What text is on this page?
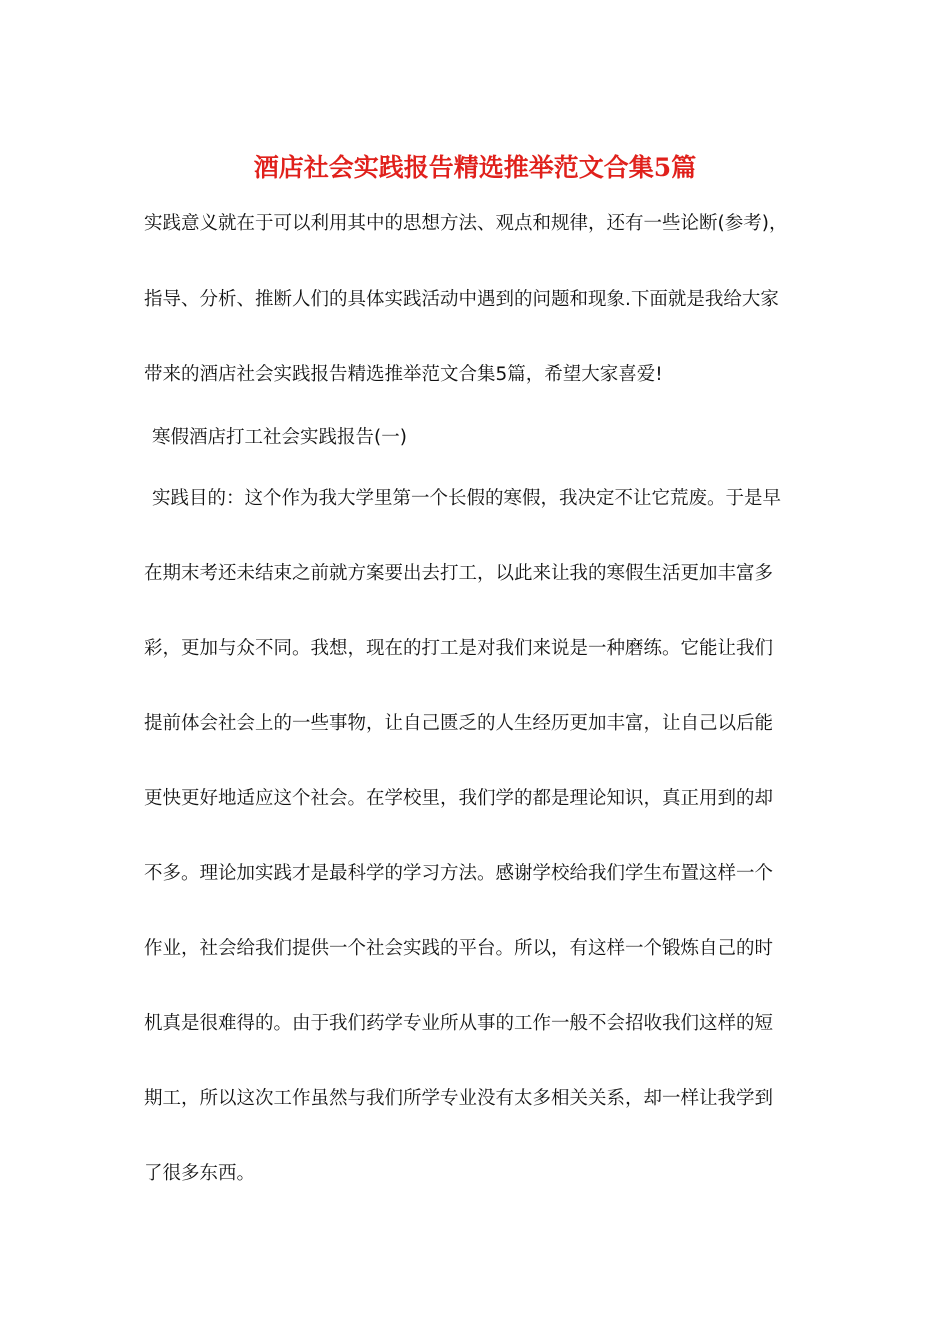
酒店社会实践报告精选推举范文合集5篇
实践意义就在于可以利用其中的思想方法、观点和规律，还有一些论断(参考)，
指导、分析、推断人们的具体实践活动中遇到的问题和现象.下面就是我给大家
带来的酒店社会实践报告精选推举范文合集5篇，希望大家喜爱!
寒假酒店打工社会实践报告(一)
实践目的：这个作为我大学里第一个长假的寒假，我决定不让它荒废。于是早
在期末考还未结束之前就方案要出去打工，以此来让我的寒假生活更加丰富多
彩，更加与众不同。我想，现在的打工是对我们来说是一种磨练。它能让我们
提前体会社会上的一些事物，让自己匮乏的人生经历更加丰富，让自己以后能
更快更好地适应这个社会。在学校里，我们学的都是理论知识，真正用到的却
不多。理论加实践才是最科学的学习方法。感谢学校给我们学生布置这样一个
作业，社会给我们提供一个社会实践的平台。所以，有这样一个锻炼自己的时
机真是很难得的。由于我们药学专业所从事的工作一般不会招收我们这样的短
期工，所以这次工作虽然与我们所学专业没有太多相关关系，却一样让我学到
了很多东西。
